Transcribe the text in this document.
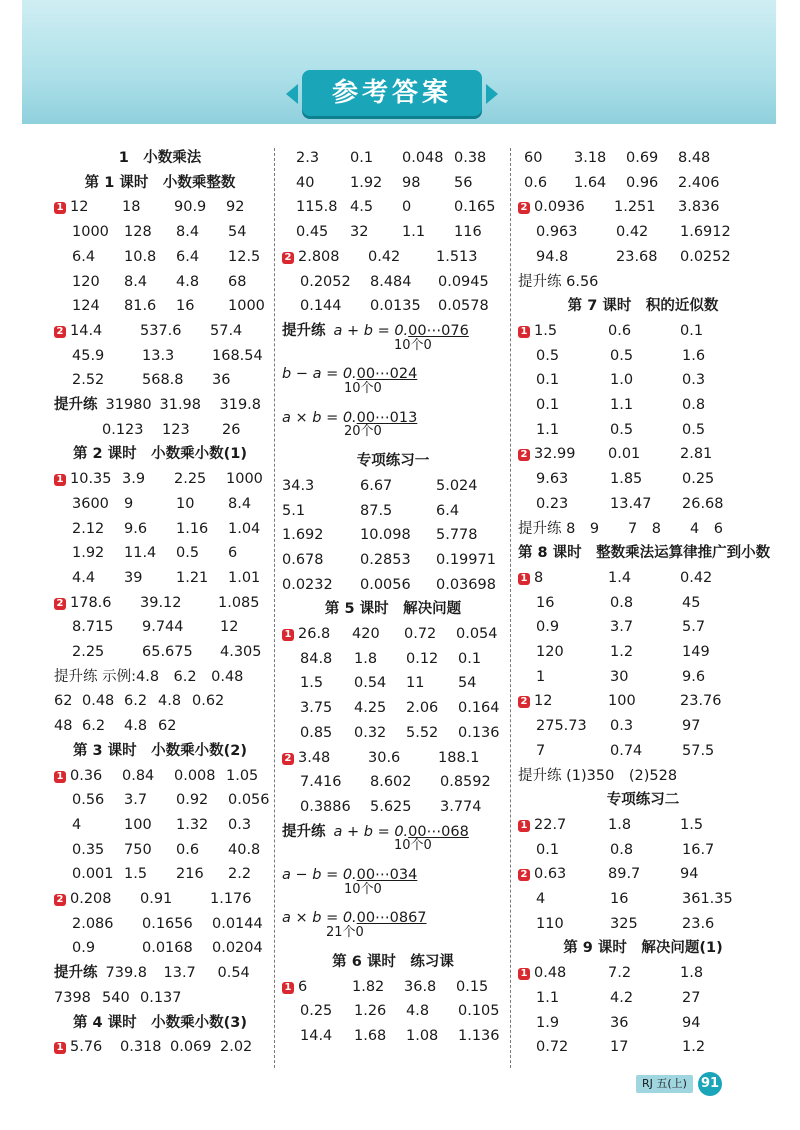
参考答案
1　小数乘法
第 1 课时　小数乘整数
1 12 18 90.9 92
1000 128 8.4 54
6.4 10.8 6.4 12.5
120 8.4 4.8 68
124 81.6 16 1000
2 14.4	537.6 57.4
45.9	13.3	168.54
2.52	568.8 36
提升练 31980 31.98 319.8
0.123 123 26
第 2 课时　小数乘小数(1)
1 10.35 3.9 2.25 1000
3600 9	10 8.4
2.12 9.6 1.16 1.04
1.92 11.4 0.5 6
4.4 39 1.21 1.01
2 178.6 39.12	1.085
8.715 9.744	12
2.25	65.675 4.305
提升练 示例:4.8　6.2　0.48
62 0.48 6.2 4.8 0.62
48 6.2 4.8 62
第 3 课时　小数乘小数(2)
1 0.36 0.84 0.008 1.05
0.56 3.7 0.92 0.056
4	100 1.32 0.3
0.35 750 0.6 40.8
0.001 1.5 216 2.2
2 0.208 0.91	1.176
2.086 0.1656 0.0144
0.9	0.0168 0.0204
提升练 739.8 13.7 0.54
7398 540 0.137
第 4 课时　小数乘小数(3)
1 5.76 0.318 0.069 2.02
2.3 0.1 0.048 0.38
40 1.92 98 56
115.8 4.5 0	0.165
0.45 32 1.1 116
2 2.808 0.42 1.513
0.2052 8.484 0.0945
0.144 0.0135 0.0578
提升练 a + b = 0.00⋯076
10个0
b − a = 0.00⋯024
10个0
a × b = 0.00⋯013
20个0
专项练习一
34.3	6.67	5.024
5.1	87.5	6.4
1.692	10.098 5.778
0.678	0.2853 0.19971
0.0232 0.0056 0.03698
第 5 课时　解决问题
1 26.8 420 0.72 0.054
84.8 1.8 0.12 0.1
1.5 0.54 11 54
3.75 4.25 2.06 0.164
0.85 0.32 5.52 0.136
2 3.48	30.6	188.1
7.416 8.602 0.8592
0.3886 5.625 3.774
提升练 a + b = 0.00⋯068
10个0
a − b = 0.00⋯034
10个0
a × b = 0.00⋯0867
21个0
第 6 课时　练习课
1 6	1.82 36.8 0.15
0.25 1.26 4.8 0.105
14.4 1.68 1.08 1.136
60 3.18 0.69 8.48
0.6 1.64 0.96 2.406
2 0.0936 1.251 3.836
0.963	0.42 1.6912
94.8	23.68 0.0252
提升练 6.56
第 7 课时　积的近似数
1 1.5	0.6	0.1
0.5	0.5	1.6
0.1	1.0	0.3
0.1	1.1	0.8
1.1	0.5	0.5
2 32.99 0.01	2.81
9.63	1.85	0.25
0.23	13.47 26.68
提升练 8　9　　7　8　　4　6
第 8 课时　整数乘法运算律推广到小数
1 8	1.4	0.42
16	0.8	45
0.9	3.7	5.7
120	1.2	149
1	30	9.6
2 12	100	23.76
275.73 0.3	97
7	0.74	57.5
提升练 (1)350　(2)528
专项练习二
1 22.7	1.8	1.5
0.1	0.8	16.7
2 0.63	89.7	94
4	16	361.35
110	325	23.6
第 9 课时　解决问题(1)
1 0.48	7.2	1.8
1.1	4.2	27
1.9	36	94
0.72	17	1.2
RJ 五(上)	91
